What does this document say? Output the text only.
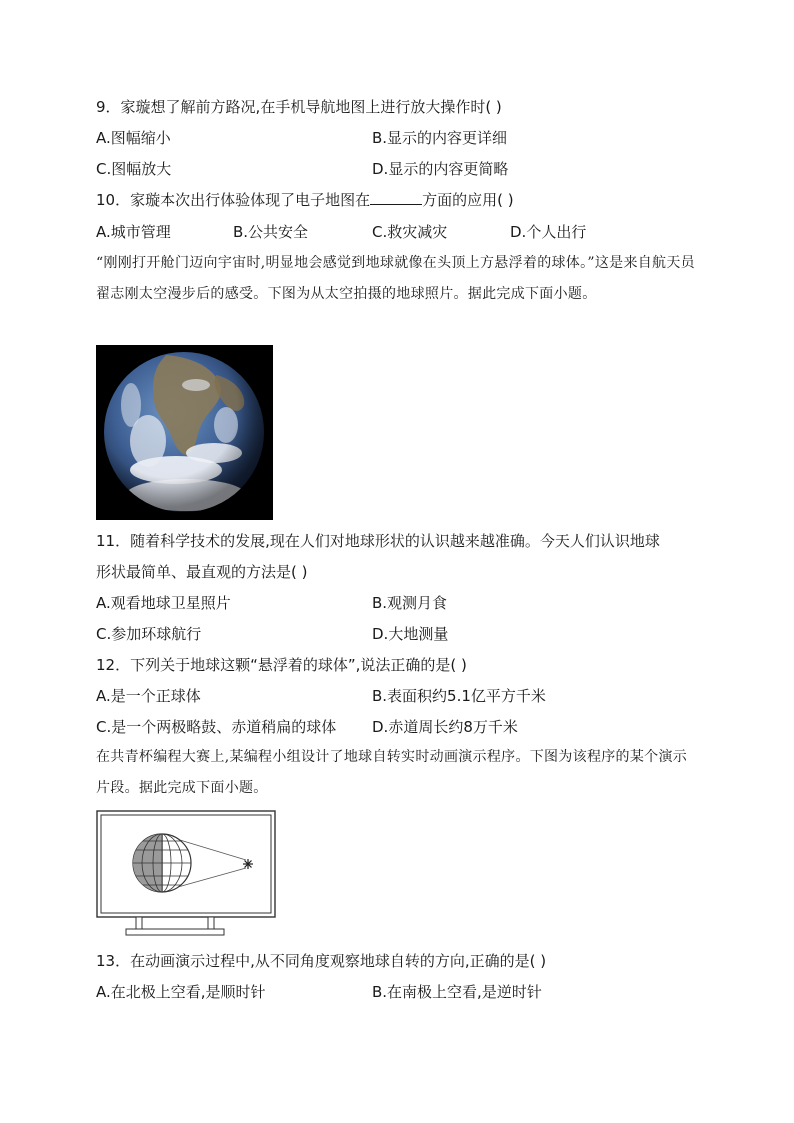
9．家璇想了解前方路况,在手机导航地图上进行放大操作时( )
A.图幅缩小	B.显示的内容更详细
C.图幅放大	D.显示的内容更简略
10．家璇本次出行体验体现了电子地图在	方面的应用( )
A.城市管理	B.公共安全	C.救灾减灾	D.个人出行
“刚刚打开舱门迈向宇宙时,明显地会感觉到地球就像在头顶上方悬浮着的球体。”这是来自航天员翟志刚太空漫步后的感受。下图为从太空拍摄的地球照片。据此完成下面小题。
11．随着科学技术的发展,现在人们对地球形状的认识越来越准确。今天人们认识地球
形状最简单、最直观的方法是( )
A.观看地球卫星照片	B.观测月食
C.参加环球航行	D.大地测量
12．下列关于地球这颗“悬浮着的球体”,说法正确的是( )
A.是一个正球体	B.表面积约5.1亿平方千米
C.是一个两极略鼓、赤道稍扁的球体 D.赤道周长约8万千米
在共青杯编程大赛上,某编程小组设计了地球自转实时动画演示程序。下图为该程序的某个演示片段。据此完成下面小题。
13．在动画演示过程中,从不同角度观察地球自转的方向,正确的是( )
A.在北极上空看,是顺时针	B.在南极上空看,是逆时针
